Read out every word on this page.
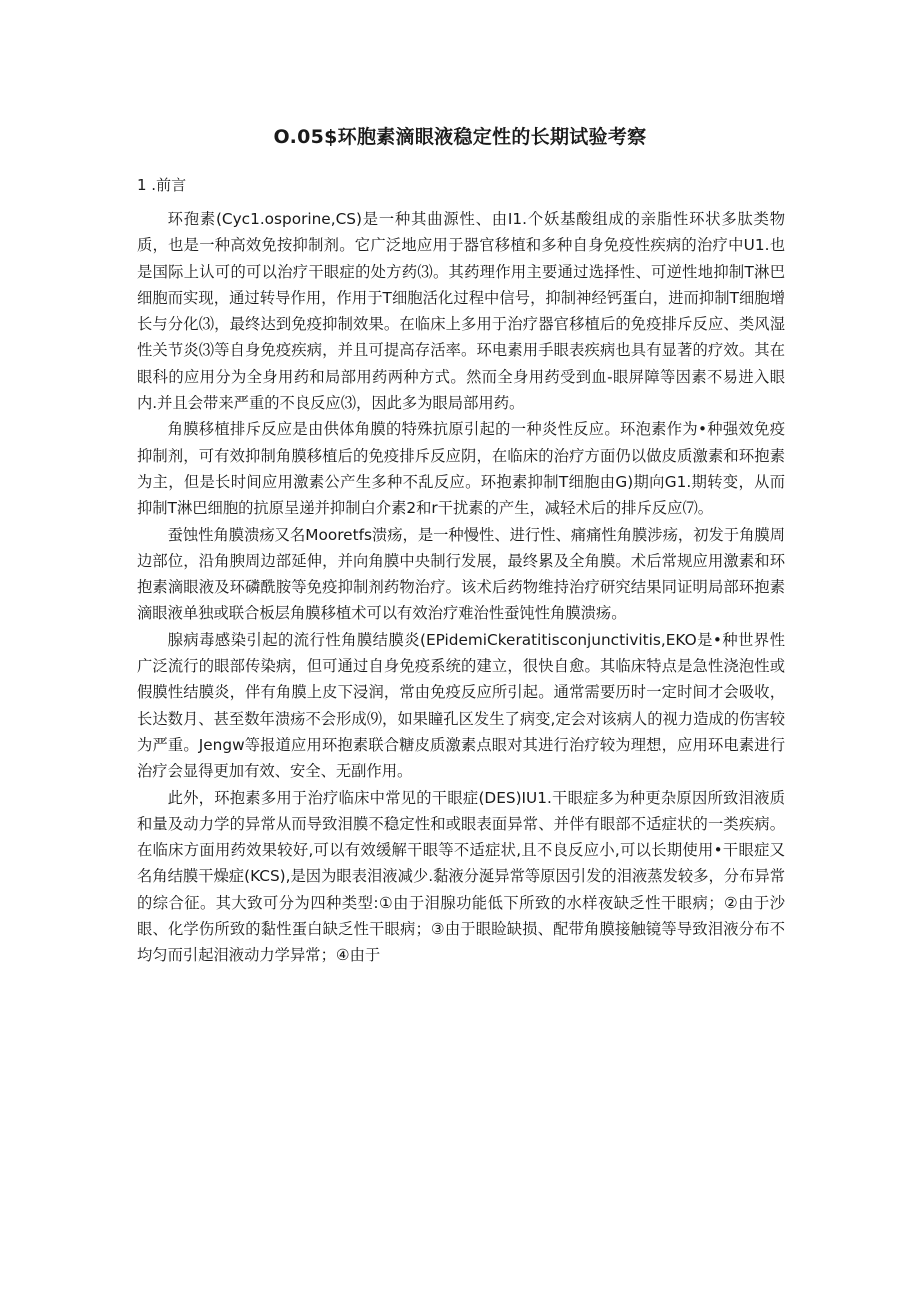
O.05$环胞素滴眼液稳定性的长期试验考察

1 .前言

环孢素(Cyc1.osporine,CS)是一种其曲源性、由I1.个妖基酸组成的亲脂性环状多肽类物质，也是一种高效免按抑制剂。它广泛地应用于器官移植和多种自身免疫性疾病的治疗中U1.也是国际上认可的可以治疗干眼症的处方药⑶。其药理作用主要通过选择性、可逆性地抑制T淋巴细胞而实现，通过转导作用，作用于T细胞活化过程中信号，抑制神经钙蛋白，进而抑制T细胞增长与分化⑶，最终达到免疫抑制效果。在临床上多用于治疗器官移植后的免疫排斥反应、类风湿性关节炎⑶等自身免疫疾病，并且可提高存活率。环电素用手眼表疾病也具有显著的疗效。其在眼科的应用分为全身用药和局部用药两种方式。然而全身用药受到血-眼屏障等因素不易进入眼内.并且会带来严重的不良反应⑶，因此多为眼局部用药。

角膜移植排斥反应是由供体角膜的特殊抗原引起的一种炎性反应。环泡素作为•种强效免疫抑制剂，可有效抑制角膜移植后的免疫排斥反应阴，在临床的治疗方面仍以做皮质激素和环抱素为主，但是长时间应用激素公产生多种不乱反应。环抱素抑制T细胞由G)期向G1.期转变，从而抑制T淋巴细胞的抗原呈递并抑制白介素2和r干扰素的产生，减轻术后的排斥反应⑺。

蚕蚀性角膜溃疡又名Mooretfs溃疡，是一种慢性、进行性、痛痛性角膜涉疡，初发于角膜周边部位，沿角腴周边部延伸，并向角膜中央制行发展，最终累及全角膜。术后常规应用激素和环抱素滴眼液及环磷酰胺等免疫抑制剂药物治疗。该术后药物维持治疗研究结果同证明局部环抱素滴眼液单独或联合板层角膜移植术可以有效治疗难治性蚕饨性角膜溃疡。

腺病毒感染引起的流行性角膜结膜炎(EPidemiCkeratitisconjunctivitis,EKO是•种世界性广泛流行的眼部传染病，但可通过自身免疫系统的建立，很快自愈。其临床特点是急性浇泡性或假膜性结膜炎，伴有角膜上皮下浸润，常由免疫反应所引起。通常需要历时一定时间才会吸收，长达数月、甚至数年溃疡不会形成⑼，如果瞳孔区发生了病变,定会对该病人的视力造成的伤害较为严重。Jengw等报道应用环抱素联合糖皮质激素点眼对其进行治疗较为理想，应用环电素进行治疗会显得更加有效、安全、无副作用。

此外，环抱素多用于治疗临床中常见的干眼症(DES)IU1.干眼症多为种更杂原因所致泪液质和量及动力学的异常从而导致泪膜不稳定性和或眼表面异常、并伴有眼部不适症状的一类疾病。在临床方面用药效果较好,可以有效缓解干眼等不适症状,且不良反应小,可以长期使用•干眼症又名角结膜干燥症(KCS),是因为眼表泪液减少.黏液分涎异常等原因引发的泪液蒸发较多，分布异常的综合征。其大致可分为四种类型:①由于泪腺功能低下所致的水样夜缺乏性干眼病；②由于沙眼、化学伤所致的黏性蛋白缺乏性干眼病；③由于眼睑缺损、配带角膜接触镜等导致泪液分布不均匀而引起泪液动力学异常；④由于
